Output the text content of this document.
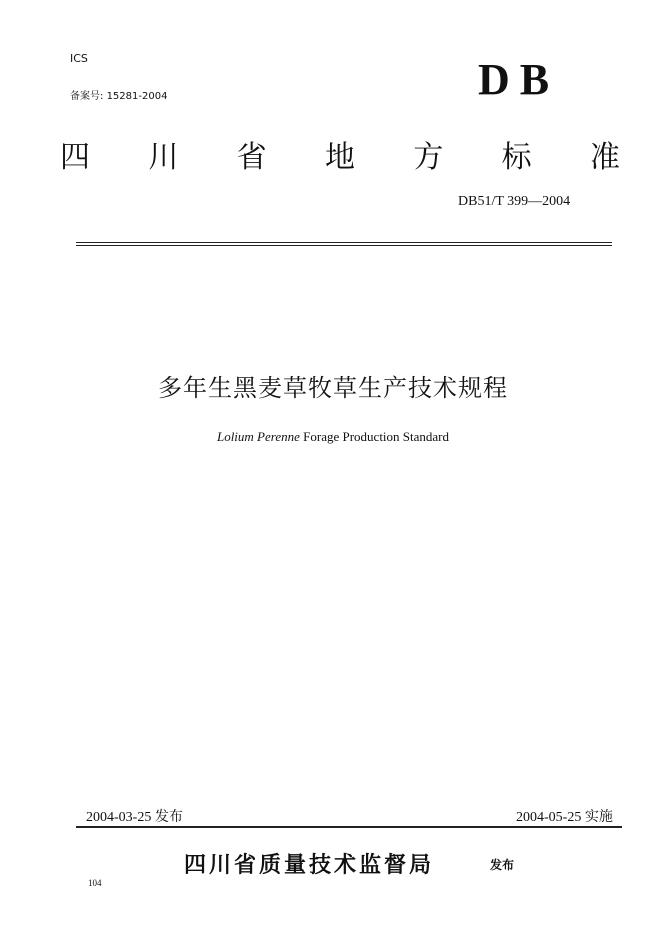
ICS
备案号: 15281-2004	DB
四 川 省 地 方 标 准
DB51/T 399—2004
多年生黑麦草牧草生产技术规程
Lolium Perenne Forage Production Standard
2004-03-25 发布	2004-05-25 实施
四川省质量技术监督局	发布
104
